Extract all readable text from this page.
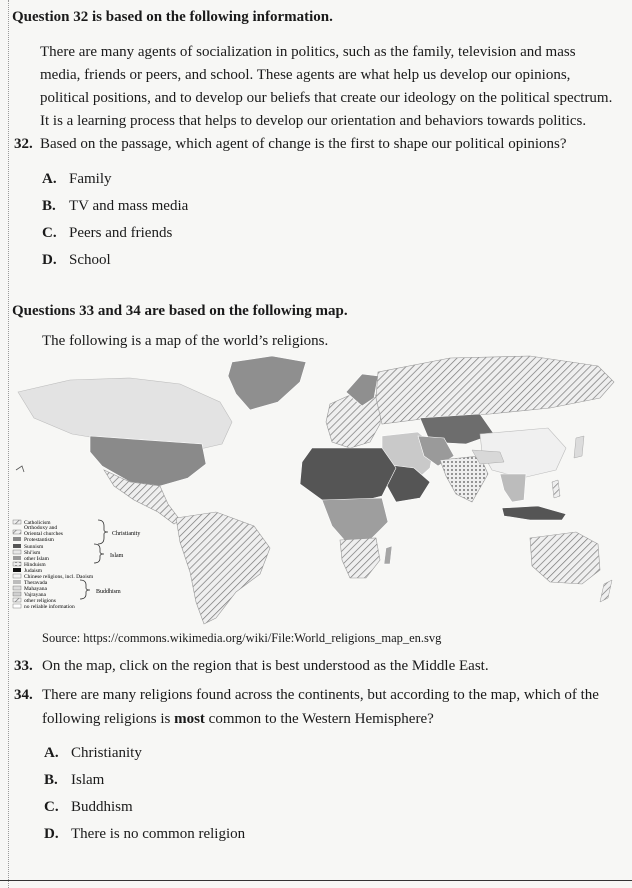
Question 32 is based on the following information.
There are many agents of socialization in politics, such as the family, television and mass
media, friends or peers, and school. These agents are what help us develop our opinions,
political positions, and to develop our beliefs that create our ideology on the political spectrum.
It is a learning process that helps to develop our orientation and behaviors towards politics.
32. Based on the passage, which agent of change is the first to shape our political opinions?
A. Family
B. TV and mass media
C. Peers and friends
D. School
Questions 33 and 34 are based on the following map.
The following is a map of the world’s religions.
Catholicism
Orthodoxy and
Oriental churches
Protestantism
Christianity
Sunnism
Shi'ism
other Islam	Islam
Hinduism
Judaism
Chinese religions, incl. Daoism
Theravada
Mahayana
Vajrayana	Buddhism
other religions
no reliable information
Source: https://commons.wikimedia.org/wiki/File:World_religions_map_en.svg
33. On the map, click on the region that is best understood as the Middle East.
34. There are many religions found across the continents, but according to the map, which of the
following religions is most common to the Western Hemisphere?
A. Christianity
B. Islam
C. Buddhism
D. There is no common religion
